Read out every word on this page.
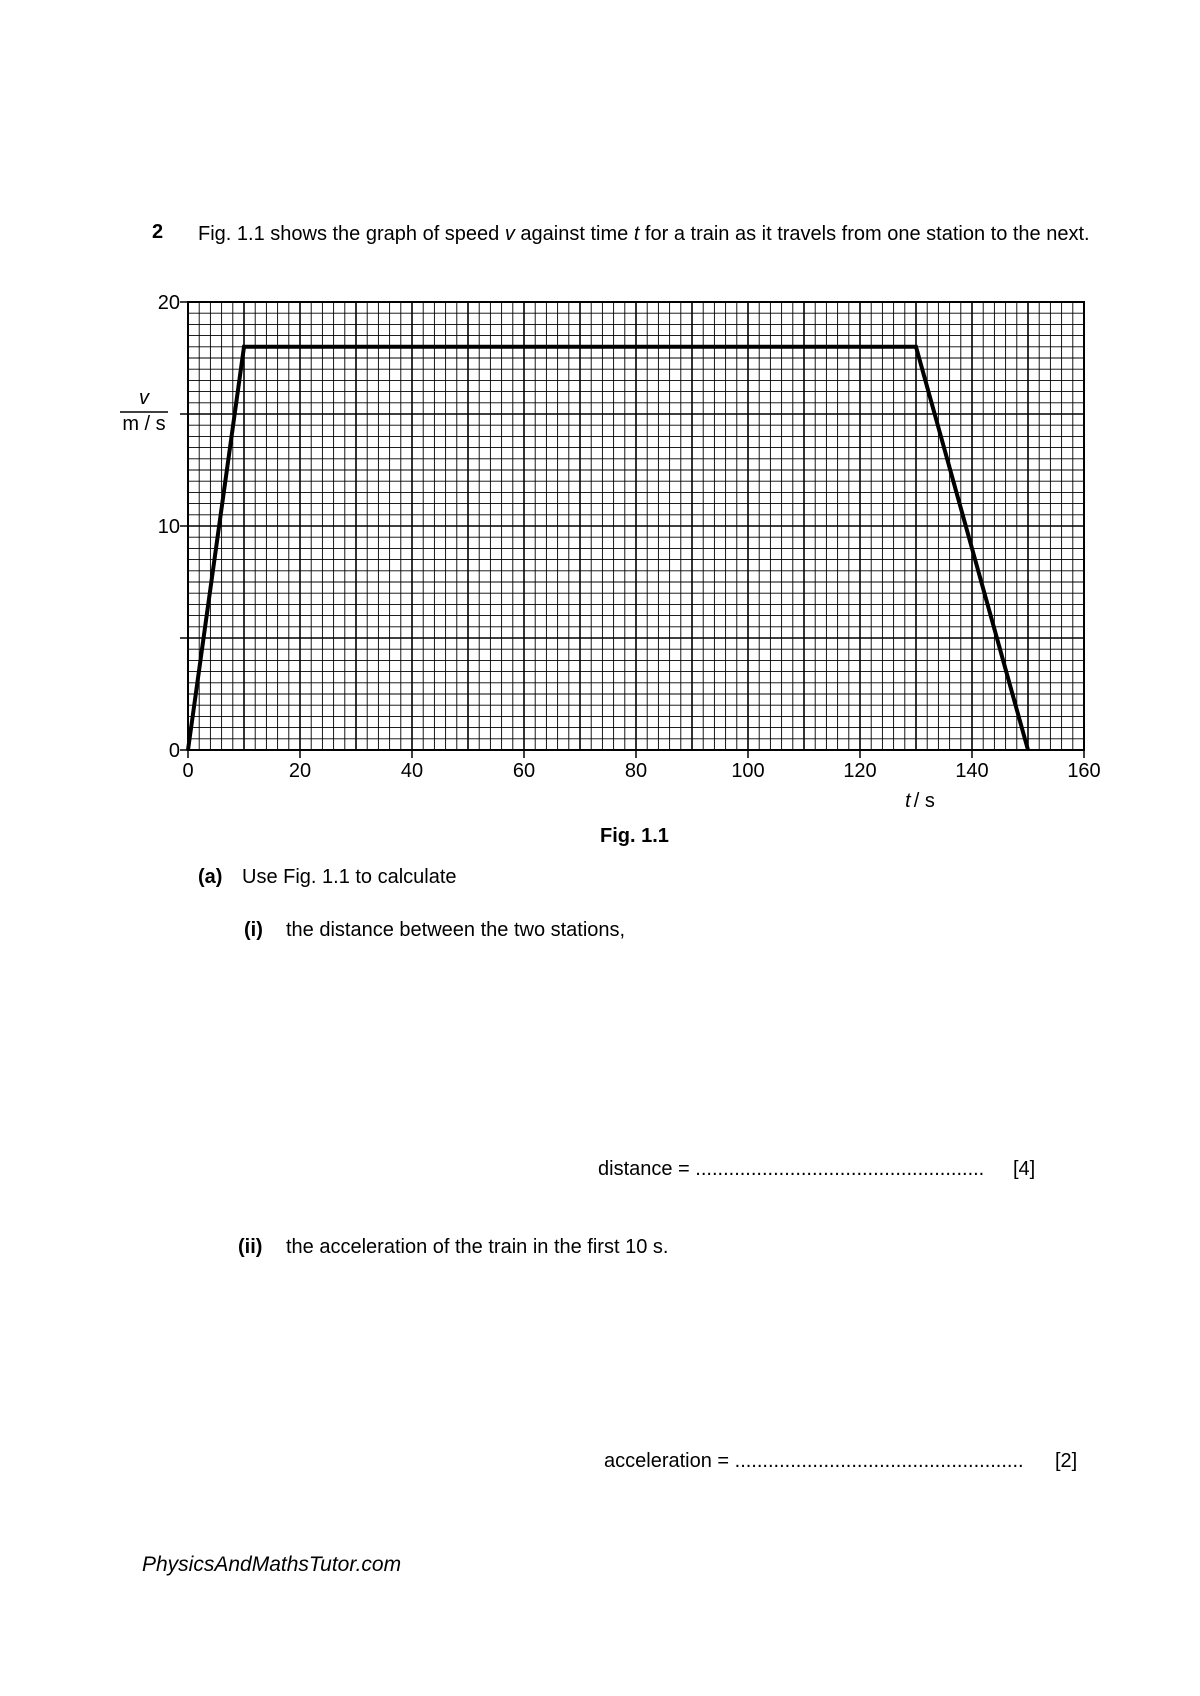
2 Fig. 1.1 shows the graph of speed v against time t for a train as it travels from one station to the next.
0	20	40	60	80	100	120	140	160
0
10
20
v
m / s
t / s
Fig. 1.1
(a) Use Fig. 1.1 to calculate
(i) the distance between the two stations,
distance = .................................................... [4]
(ii) the acceleration of the train in the first 10 s.
acceleration = .................................................... [2]
PhysicsAndMathsTutor.com
